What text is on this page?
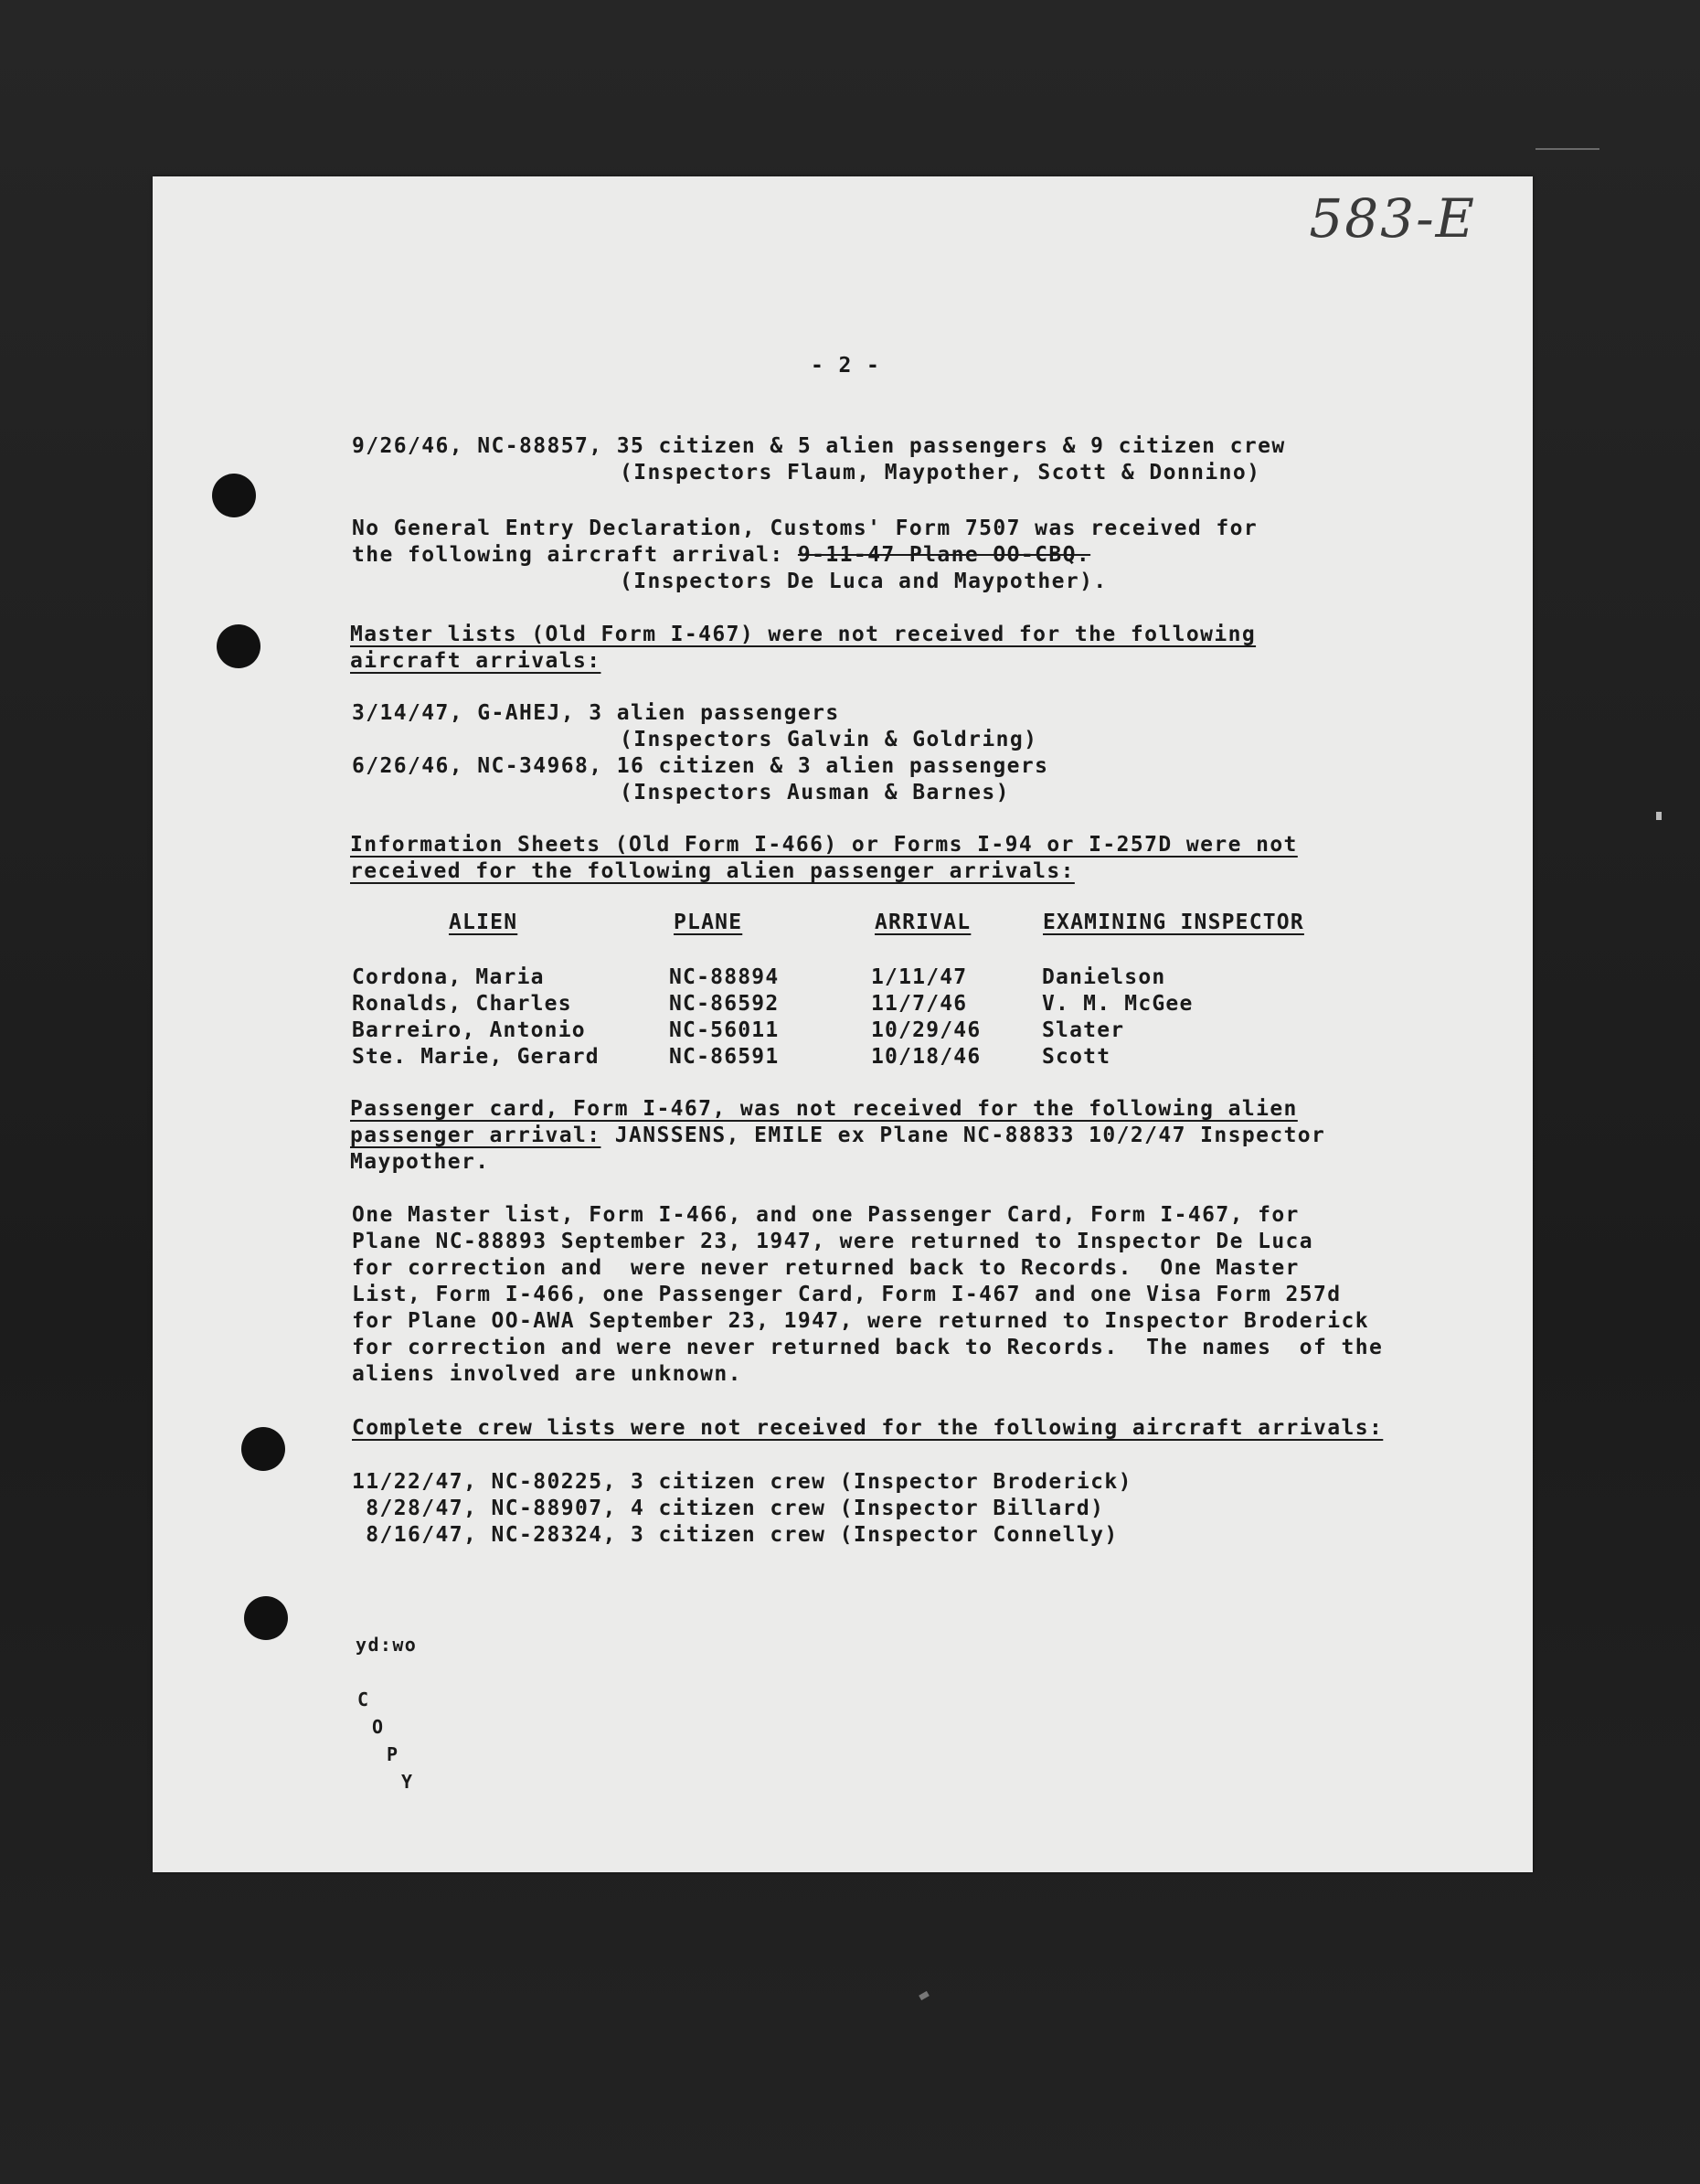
583-E
- 2 -
9/26/46, NC-88857, 35 citizen & 5 alien passengers & 9 citizen crew
(Inspectors Flaum, Maypother, Scott & Donnino)
No General Entry Declaration, Customs' Form 7507 was received for
the following aircraft arrival: 9-11-47 Plane OO-CBQ.
(Inspectors De Luca and Maypother).
Master lists (Old Form I-467) were not received for the following
aircraft arrivals:
3/14/47, G-AHEJ, 3 alien passengers
(Inspectors Galvin & Goldring)
6/26/46, NC-34968, 16 citizen & 3 alien passengers
(Inspectors Ausman & Barnes)
Information Sheets (Old Form I-466) or Forms I-94 or I-257D were not
received for the following alien passenger arrivals:
ALIEN	PLANE	ARRIVAL	EXAMINING INSPECTOR
Cordona, Maria	NC-88894	1/11/47	Danielson
Ronalds, Charles	NC-86592	11/7/46	V. M. McGee
Barreiro, Antonio	NC-56011	10/29/46	Slater
Ste. Marie, Gerard	NC-86591	10/18/46	Scott
Passenger card, Form I-467, was not received for the following alien
passenger arrival: JANSSENS, EMILE ex Plane NC-88833 10/2/47 Inspector
Maypother.
One Master list, Form I-466, and one Passenger Card, Form I-467, for
Plane NC-88893 September 23, 1947, were returned to Inspector De Luca
for correction and  were never returned back to Records.  One Master
List, Form I-466, one Passenger Card, Form I-467 and one Visa Form 257d
for Plane OO-AWA September 23, 1947, were returned to Inspector Broderick
for correction and were never returned back to Records.  The names  of the
aliens involved are unknown.
Complete crew lists were not received for the following aircraft arrivals:
11/22/47, NC-80225, 3 citizen crew (Inspector Broderick)
8/28/47, NC-88907, 4 citizen crew (Inspector Billard)
8/16/47, NC-28324, 3 citizen crew (Inspector Connelly)
yd:wo
C
O
P
Y
